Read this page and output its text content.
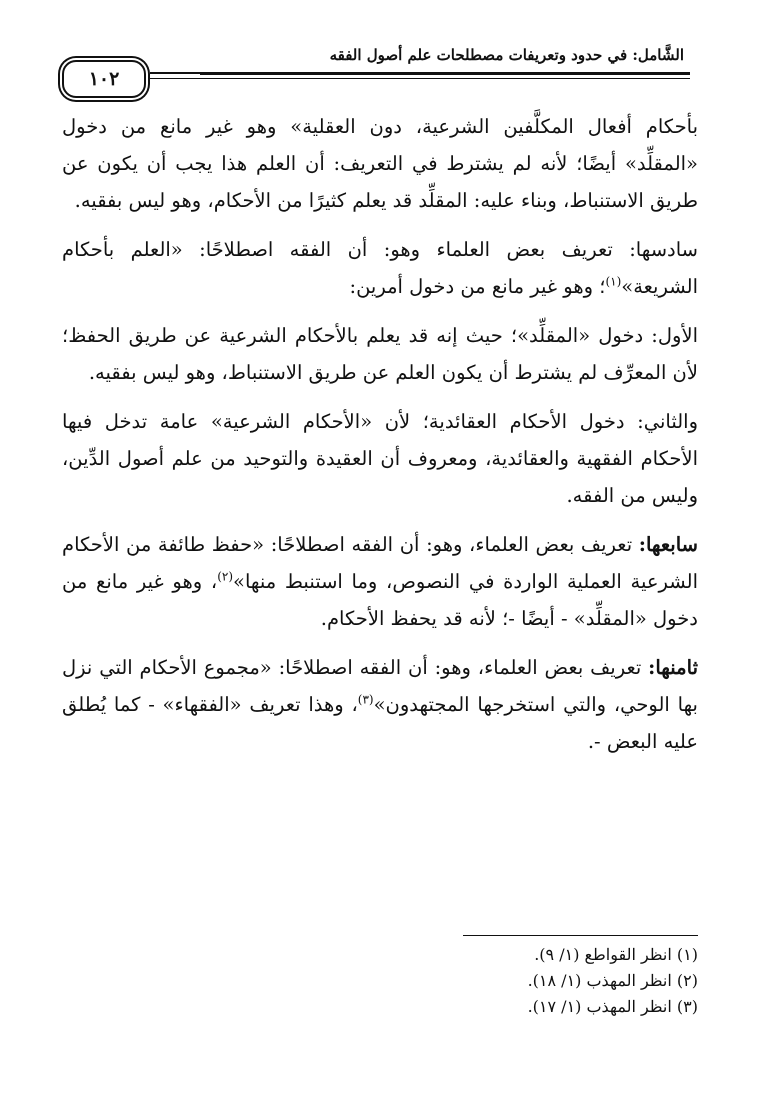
الشَّامل: في حدود وتعريفات مصطلحات علم أصول الفقه
١٠٢

بأحكام أفعال المكلَّفين الشرعية، دون العقلية» وهو غير مانع من دخول «المقلِّد» أيضًا؛ لأنه لم يشترط في التعريف: أن العلم هذا يجب أن يكون عن طريق الاستنباط، وبناء عليه: المقلِّد قد يعلم كثيرًا من الأحكام، وهو ليس بفقيه.

سادسها: تعريف بعض العلماء وهو: أن الفقه اصطلاحًا: «العلم بأحكام الشريعة»$^{(١)}$؛ وهو غير مانع من دخول أمرين:

الأول: دخول «المقلِّد»؛ حيث إنه قد يعلم بالأحكام الشرعية عن طريق الحفظ؛ لأن المعرِّف لم يشترط أن يكون العلم عن طريق الاستنباط، وهو ليس بفقيه.

والثاني: دخول الأحكام العقائدية؛ لأن «الأحكام الشرعية» عامة تدخل فيها الأحكام الفقهية والعقائدية، ومعروف أن العقيدة والتوحيد من علم أصول الدِّين، وليس من الفقه.

سابعها: تعريف بعض العلماء، وهو: أن الفقه اصطلاحًا: «حفظ طائفة من الأحكام الشرعية العملية الواردة في النصوص، وما استنبط منها»$^{(٢)}$، وهو غير مانع من دخول «المقلِّد» - أيضًا -؛ لأنه قد يحفظ الأحكام.

ثامنها: تعريف بعض العلماء، وهو: أن الفقه اصطلاحًا: «مجموع الأحكام التي نزل بها الوحي، والتي استخرجها المجتهدون»$^{(٣)}$، وهذا تعريف «الفقهاء» - كما يُطلق عليه البعض -.

(١) انظر القواطع (١/ ٩).
(٢) انظر المهذب (١/ ١٨).
(٣) انظر المهذب (١/ ١٧).
